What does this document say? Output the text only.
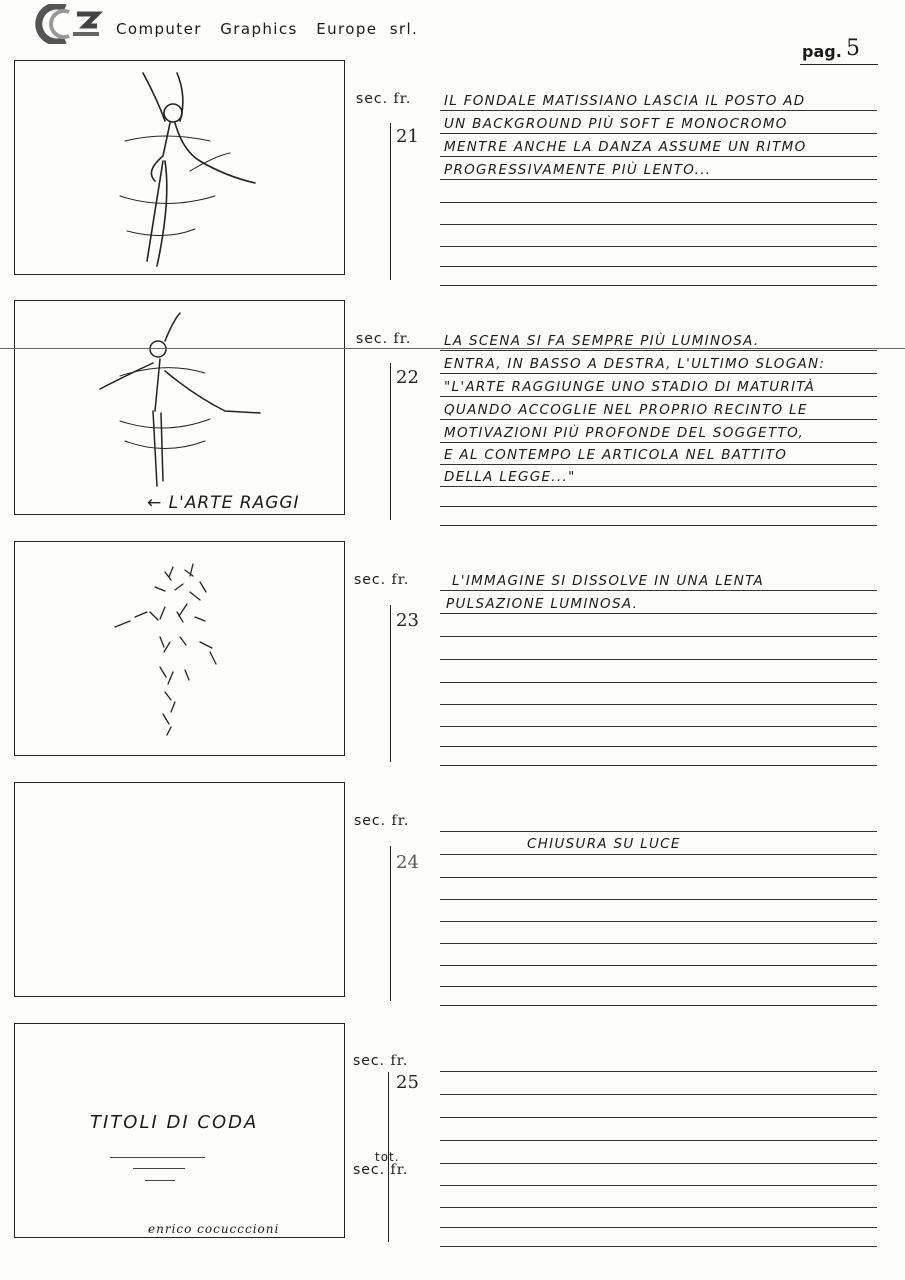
Computer   Graphics   Europe  srl.
pag. 5
sec. fr.
21
IL FONDALE MATISSIANO LASCIA IL POSTO AD
UN BACKGROUND PIÙ SOFT E MONOCROMO
MENTRE ANCHE LA DANZA ASSUME UN RITMO
PROGRESSIVAMENTE PIÙ LENTO...
← L'ARTE RAGGI
sec. fr.
22
LA SCENA SI FA SEMPRE PIÙ LUMINOSA.
ENTRA, IN BASSO A DESTRA, L'ULTIMO SLOGAN:
"L'ARTE RAGGIUNGE UNO STADIO DI MATURITÀ
QUANDO ACCOGLIE NEL PROPRIO RECINTO LE
MOTIVAZIONI PIÙ PROFONDE DEL SOGGETTO,
E AL CONTEMPO LE ARTICOLA NEL BATTITO
DELLA LEGGE..."
sec. fr.
23
L'IMMAGINE SI DISSOLVE IN UNA LENTA
PULSAZIONE LUMINOSA.
sec. fr.
24
CHIUSURA SU LUCE
TITOLI DI CODA
enrico cocucccioni
sec. fr.
25
tot.
sec. fr.
